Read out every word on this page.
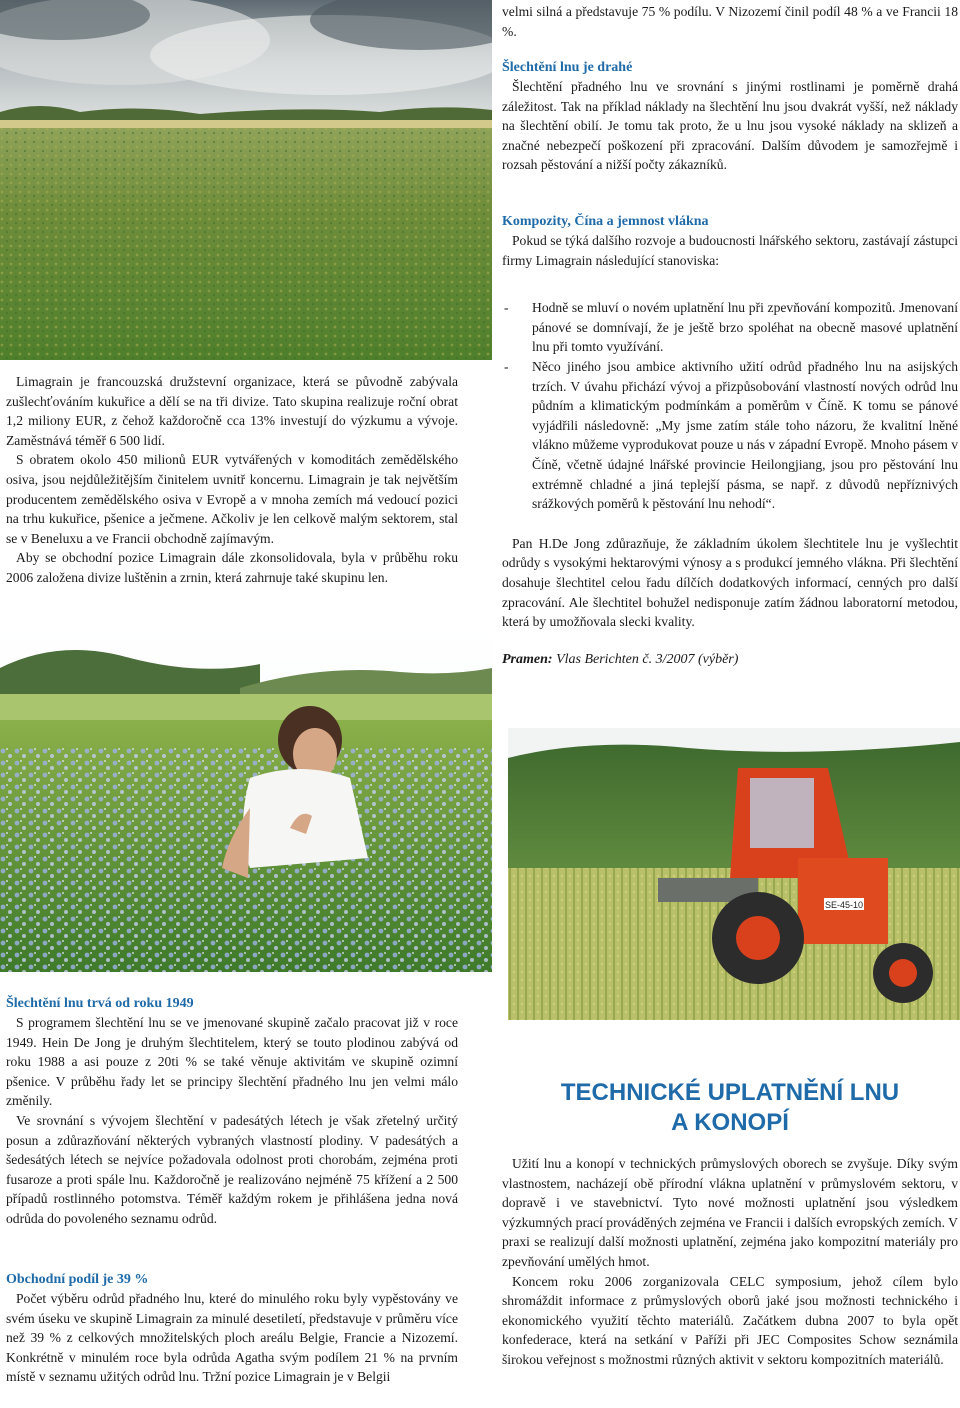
Limagrain je francouzská družstevní organizace, která se původně zabývala zušlechťováním kukuřice a dělí se na tři divize. Tato skupina realizuje roční obrat 1,2 miliony EUR, z čehož každoročně cca 13% investují do výzkumu a vývoje. Zaměstnává téměř 6 500 lidí.

S obratem okolo 450 milionů EUR vytvářených v komoditách zemědělského osiva, jsou nejdůležitějším činitelem uvnitř koncernu. Limagrain je tak největším producentem zemědělského osiva v Evropě a v mnoha zemích má vedoucí pozici na trhu kukuřice, pšenice a ječmene. Ačkoliv je len celkově malým sektorem, stal se v Beneluxu a ve Francii obchodně zajímavým.

Aby se obchodní pozice Limagrain dále zkonsolidovala, byla v průběhu roku 2006 založena divize luštěnin a zrnin, která zahrnuje také skupinu len.

velmi silná a představuje 75 % podílu. V Nizozemí činil podíl 48 % a ve Francii 18 %.

Šlechtění lnu je drahé

Šlechtění přadného lnu ve srovnání s jinými rostlinami je poměrně drahá záležitost. Tak na příklad náklady na šlechtění lnu jsou dvakrát vyšší, než náklady na šlechtění obilí. Je tomu tak proto, že u lnu jsou vysoké náklady na sklizeň a značné nebezpečí poškození při zpracování. Dalším důvodem je samozřejmě i rozsah pěstování a nižší počty zákazníků.

Kompozity, Čína a jemnost vlákna

Pokud se týká dalšího rozvoje a budoucnosti lnářského sektoru, zastávají zástupci firmy Limagrain následující stanoviska:

- Hodně se mluví o novém uplatnění lnu při zpevňování kompozitů. Jmenovaní pánové se domnívají, že je ještě brzo spoléhat na obecně masové uplatnění lnu při tomto využívání.
- Něco jiného jsou ambice aktivního užití odrůd přadného lnu na asijských trzích. V úvahu přichází vývoj a přizpůsobování vlastností nových odrůd lnu půdním a klimatickým podmínkám a poměrům v Číně. K tomu se pánové vyjádřili následovně: „My jsme zatím stále toho názoru, že kvalitní lněné vlákno můžeme vyprodukovat pouze u nás v západní Evropě. Mnoho pásem v Číně, včetně údajné lnářské provincie Heilongjiang, jsou pro pěstování lnu extrémně chladné a jiná teplejší pásma, se např. z důvodů nepříznivých srážkových poměrů k pěstování lnu nehodí“.

Pan H.De Jong zdůrazňuje, že základním úkolem šlechtitele lnu je vyšlechtit odrůdy s vysokými hektarovými výnosy a s produkcí jemného vlákna. Při šlechtění dosahuje šlechtitel celou řadu dílčích dodatkových informací, cenných pro další zpracování. Ale šlechtitel bohužel nedisponuje zatím žádnou laboratorní metodou, která by umožňovala slecki kvality.

Pramen: Vlas Berichten č. 3/2007 (výběr)

SE-45-10

Šlechtění lnu trvá od roku 1949

S programem šlechtění lnu se ve jmenované skupině začalo pracovat již v roce 1949. Hein De Jong je druhým šlechtitelem, který se touto plodinou zabývá od roku 1988 a asi pouze z 20ti % se také věnuje aktivitám ve skupině ozimní pšenice. V průběhu řady let se principy šlechtění přadného lnu jen velmi málo změnily.

Ve srovnání s vývojem šlechtění v padesátých létech je však zřetelný určitý posun a zdůrazňování některých vybraných vlastností plodiny. V padesátých a šedesátých létech se nejvíce požadovala odolnost proti chorobám, zejména proti fusaroze a proti spále lnu. Každoročně je realizováno nejméně 75 křížení a 2 500 případů rostlinného potomstva. Téměř každým rokem je přihlášena jedna nová odrůda do povoleného seznamu odrůd.

Obchodní podíl je 39 %

Počet výběru odrůd přadného lnu, které do minulého roku byly vypěstovány ve svém úseku ve skupině Limagrain za minulé desetiletí, představuje v průměru více než 39 % z celkových množitelských ploch areálu Belgie, Francie a Nizozemí. Konkrétně v minulém roce byla odrůda Agatha svým podílem 21 % na prvním místě v seznamu užitých odrůd lnu. Tržní pozice Limagrain je v Belgii

TECHNICKÉ UPLATNĚNÍ LNU

A KONOPÍ

Užití lnu a konopí v technických průmyslových oborech se zvyšuje. Díky svým vlastnostem, nacházejí obě přírodní vlákna uplatnění v průmyslovém sektoru, v dopravě i ve stavebnictví. Tyto nové možnosti uplatnění jsou výsledkem výzkumných prací prováděných zejména ve Francii i dalších evropských zemích. V praxi se realizují další možnosti uplatnění, zejména jako kompozitní materiály pro zpevňování umělých hmot.

Koncem roku 2006 zorganizovala CELC symposium, jehož cílem bylo shromáždit informace z průmyslových oborů jaké jsou možnosti technického i ekonomického využití těchto materiálů. Začátkem dubna 2007 to byla opět konfederace, která na setkání v Paříži při JEC Composites Schow seznámila širokou veřejnost s možnostmi různých aktivit v sektoru kompozitních materiálů.
